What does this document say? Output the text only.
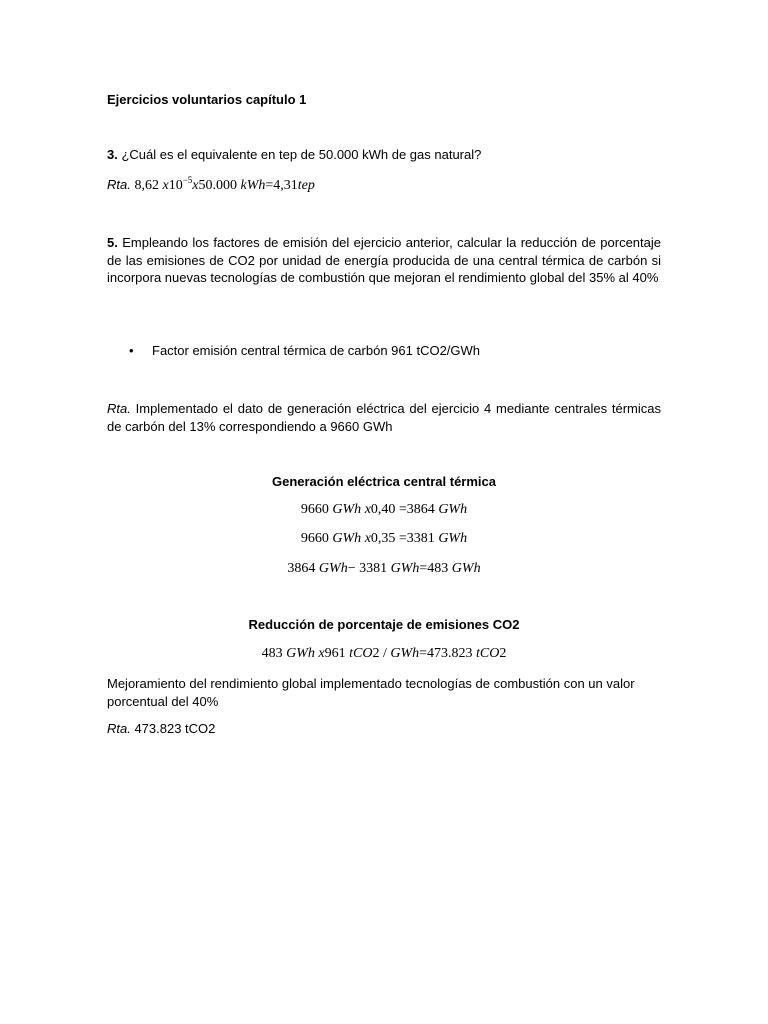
Ejercicios voluntarios capítulo 1
3. ¿Cuál es el equivalente en tep de 50.000 kWh de gas natural?
Rta. 8,62 $x10^{-5}x50.000$ kWh=4,31tep
5. Empleando los factores de emisión del ejercicio anterior, calcular la reducción de porcentaje de las emisiones de CO2 por unidad de energía producida de una central térmica de carbón si incorpora nuevas tecnologías de combustión que mejoran el rendimiento global del 35% al 40%
• Factor emisión central térmica de carbón 961 tCO2/GWh
Rta. Implementado el dato de generación eléctrica del ejercicio 4 mediante centrales térmicas de carbón del 13% correspondiendo a 9660 GWh
Generación eléctrica central térmica
9660 GWh x0,40 =3864 GWh
9660 GWh x0,35 =3381 GWh
3864 GWh− 3381 GWh=483 GWh
Reducción de porcentaje de emisiones CO2
483 GWh x961 tCO2 / GWh=473.823 tCO2
Mejoramiento del rendimiento global implementado tecnologías de combustión con un valor porcentual del 40%
Rta. 473.823 tCO2
